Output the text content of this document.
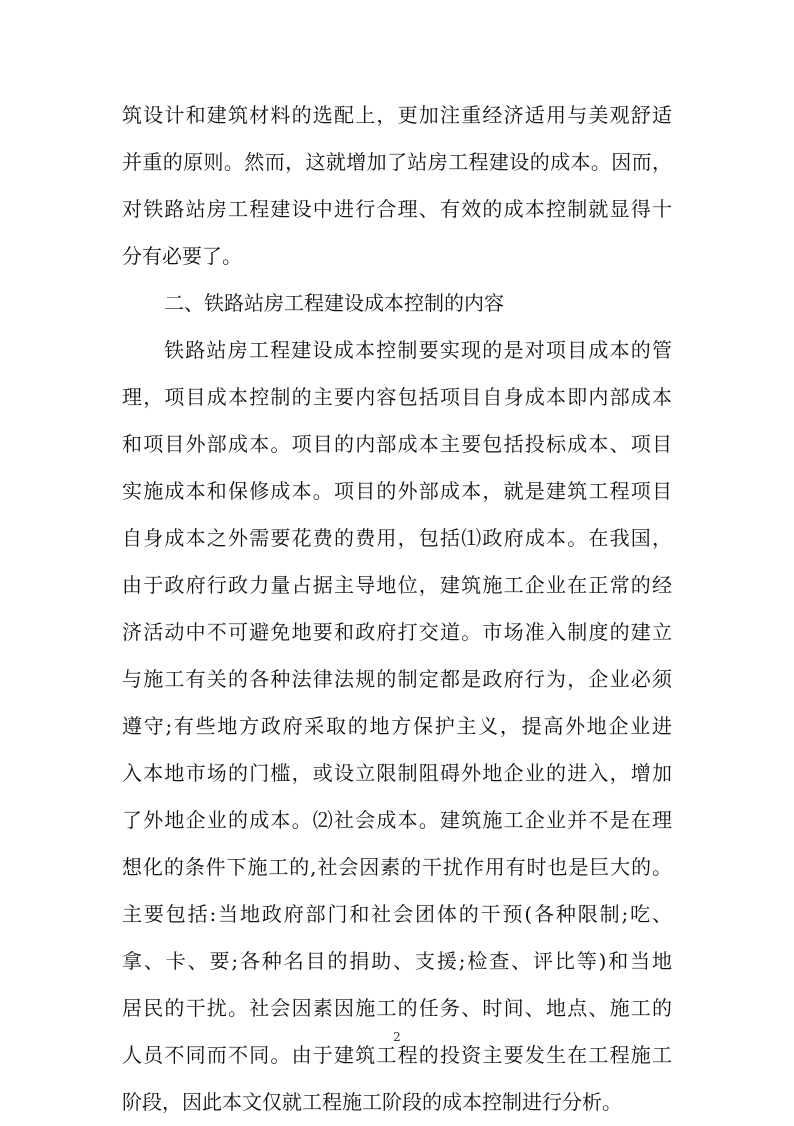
筑设计和建筑材料的选配上，更加注重经济适用与美观舒适
并重的原则。然而，这就增加了站房工程建设的成本。因而，
对铁路站房工程建设中进行合理、有效的成本控制就显得十
分有必要了。
二、铁路站房工程建设成本控制的内容
铁路站房工程建设成本控制要实现的是对项目成本的管
理，项目成本控制的主要内容包括项目自身成本即内部成本
和项目外部成本。项目的内部成本主要包括投标成本、项目
实施成本和保修成本。项目的外部成本，就是建筑工程项目
自身成本之外需要花费的费用，包括⑴政府成本。在我国，
由于政府行政力量占据主导地位，建筑施工企业在正常的经
济活动中不可避免地要和政府打交道。市场准入制度的建立
与施工有关的各种法律法规的制定都是政府行为，企业必须
遵守;有些地方政府采取的地方保护主义，提高外地企业进
入本地市场的门槛，或设立限制阻碍外地企业的进入，增加
了外地企业的成本。⑵社会成本。建筑施工企业并不是在理
想化的条件下施工的,社会因素的干扰作用有时也是巨大的。
主要包括:当地政府部门和社会团体的干预(各种限制;吃、
拿、卡、要;各种名目的捐助、支援;检查、评比等)和当地
居民的干扰。社会因素因施工的任务、时间、地点、施工的
人员不同而不同。由于建筑工程的投资主要发生在工程施工
阶段，因此本文仅就工程施工阶段的成本控制进行分析。
2
